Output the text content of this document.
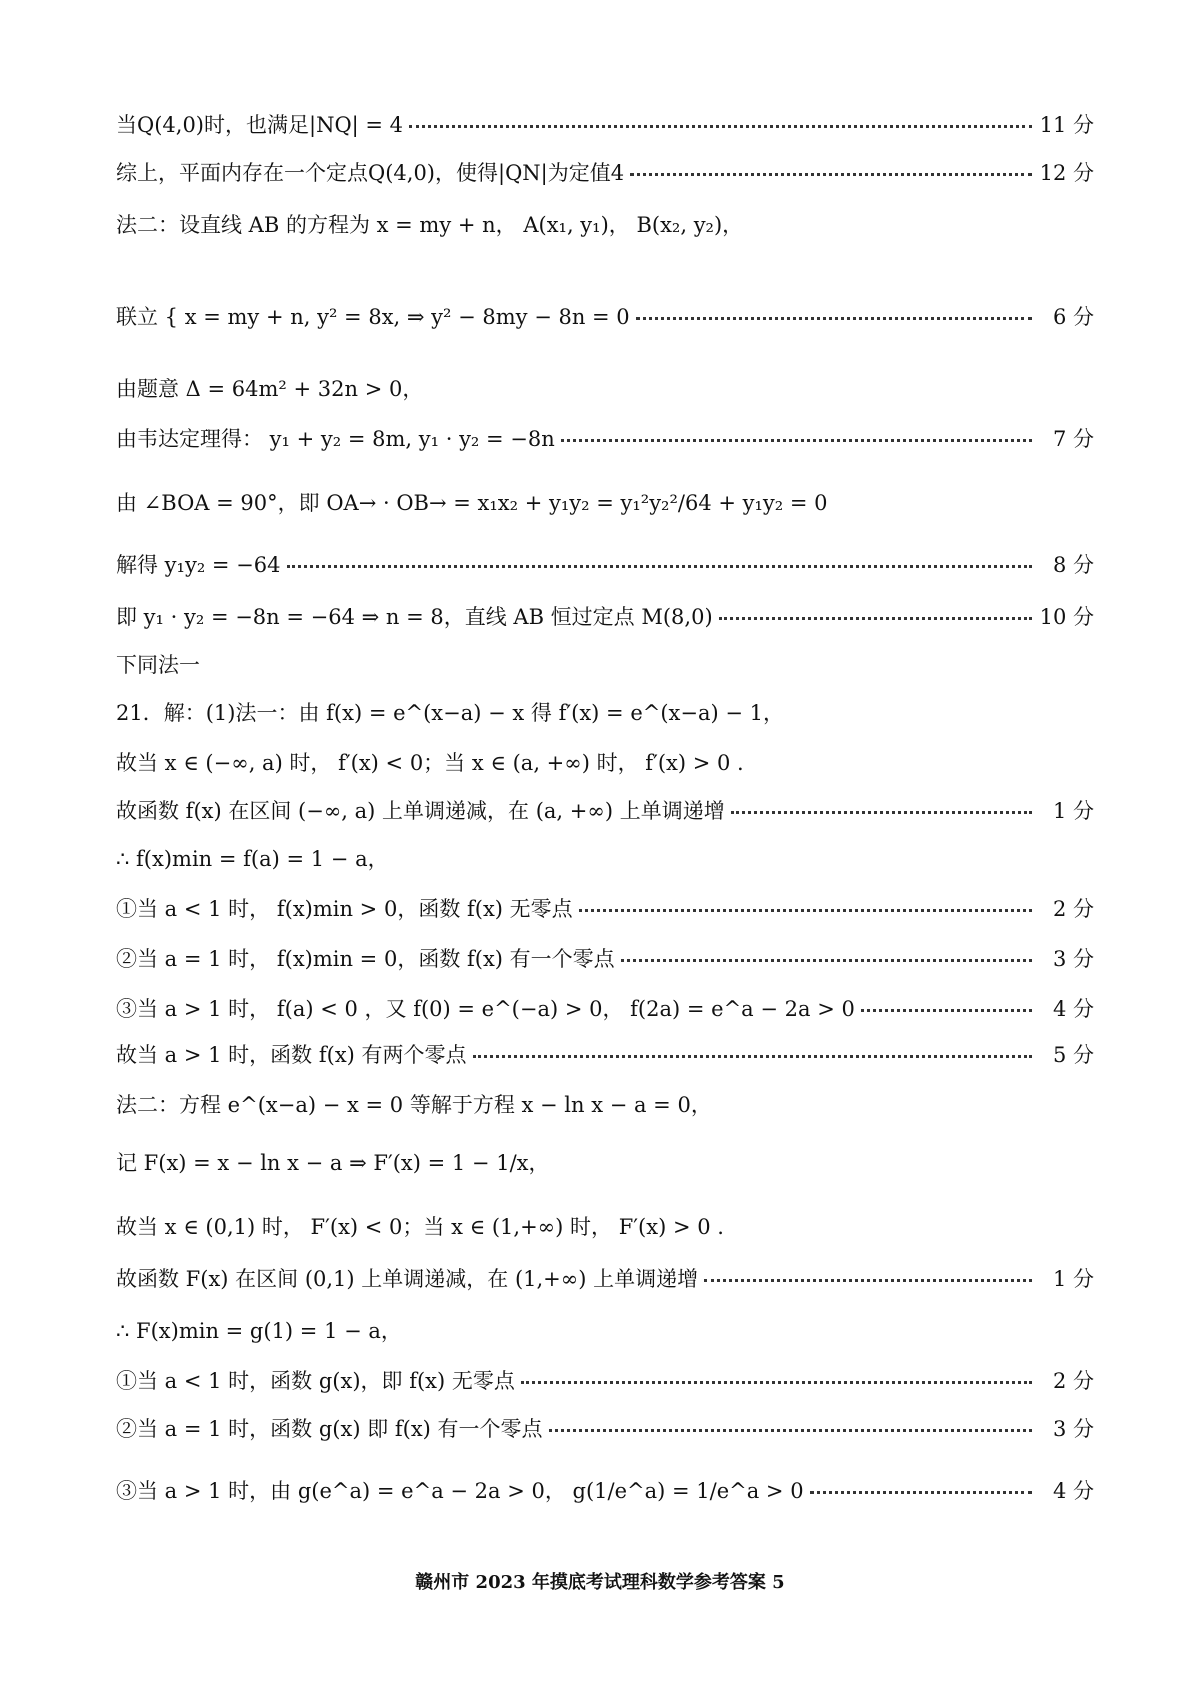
当Q(4,0)时，也满足|NQ| = 4	11 分
综上，平面内存在一个定点Q(4,0)，使得|QN|为定值4	12 分
法二：设直线 AB 的方程为 x = my + n， A(x₁, y₁)， B(x₂, y₂)，
联立 { x = my + n, y² = 8x, ⇒ y² − 8my − 8n = 0	6 分
由题意 Δ = 64m² + 32n > 0，
由韦达定理得： y₁ + y₂ = 8m, y₁ · y₂ = −8n	7 分
由 ∠BOA = 90°，即 OA→ · OB→ = x₁x₂ + y₁y₂ = y₁²y₂²/64 + y₁y₂ = 0
解得 y₁y₂ = −64	8 分
即 y₁ · y₂ = −8n = −64 ⇒ n = 8，直线 AB 恒过定点 M(8,0)	10 分
下同法一
21．解：(1)法一：由 f(x) = e^(x−a) − x 得 f′(x) = e^(x−a) − 1，
故当 x ∈ (−∞, a) 时， f′(x) < 0；当 x ∈ (a, +∞) 时， f′(x) > 0 .
故函数 f(x) 在区间 (−∞, a) 上单调递减，在 (a, +∞) 上单调递增	1 分
∴ f(x)min = f(a) = 1 − a，
①当 a < 1 时， f(x)min > 0，函数 f(x) 无零点	2 分
②当 a = 1 时， f(x)min = 0，函数 f(x) 有一个零点	3 分
③当 a > 1 时， f(a) < 0 ，又 f(0) = e^(−a) > 0， f(2a) = e^a − 2a > 0	4 分
故当 a > 1 时，函数 f(x) 有两个零点	5 分
法二：方程 e^(x−a) − x = 0 等解于方程 x − ln x − a = 0，
记 F(x) = x − ln x − a ⇒ F′(x) = 1 − 1/x，
故当 x ∈ (0,1) 时， F′(x) < 0；当 x ∈ (1,+∞) 时， F′(x) > 0 .
故函数 F(x) 在区间 (0,1) 上单调递减，在 (1,+∞) 上单调递增	1 分
∴ F(x)min = g(1) = 1 − a，
①当 a < 1 时，函数 g(x)，即 f(x) 无零点	2 分
②当 a = 1 时，函数 g(x) 即 f(x) 有一个零点	3 分
③当 a > 1 时，由 g(e^a) = e^a − 2a > 0， g(1/e^a) = 1/e^a > 0	4 分
赣州市 2023 年摸底考试理科数学参考答案 5
